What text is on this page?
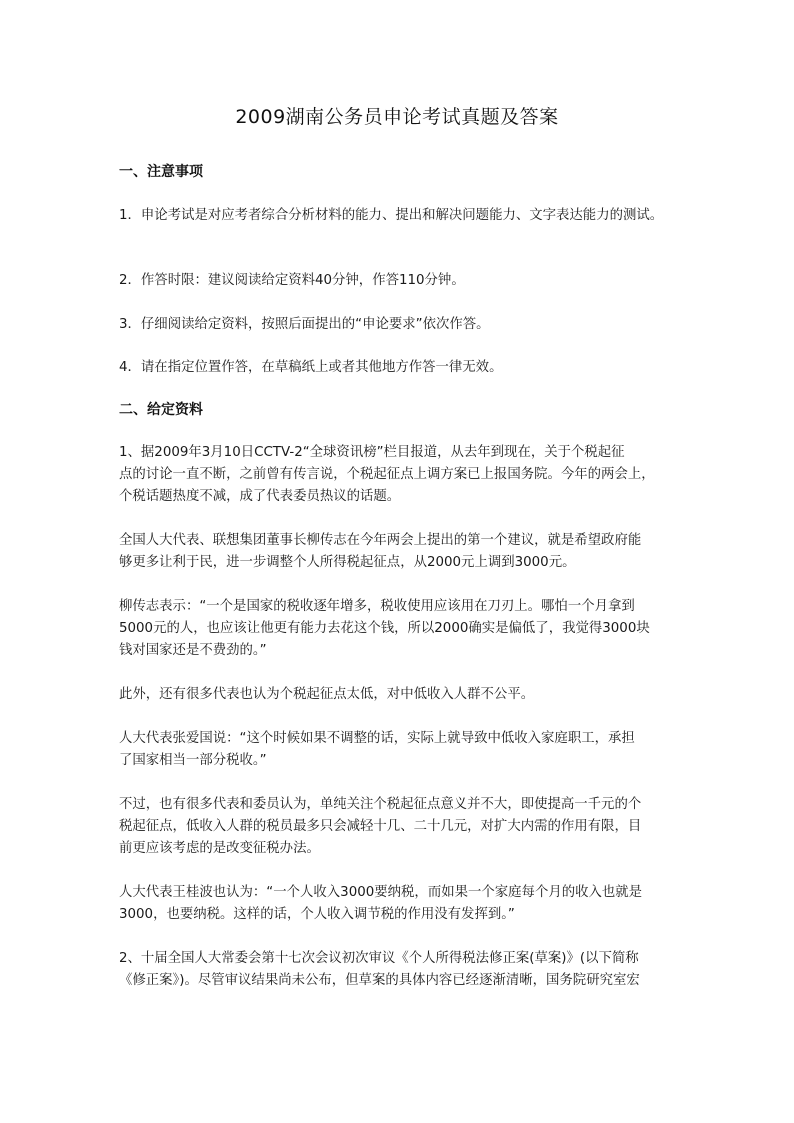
2009湖南公务员申论考试真题及答案
一、注意事项
1．申论考试是对应考者综合分析材料的能力、提出和解决问题能力、文字表达能力的测试。
2．作答时限：建议阅读给定资料40分钟，作答110分钟。
3．仔细阅读给定资料，按照后面提出的“申论要求”依次作答。
4．请在指定位置作答，在草稿纸上或者其他地方作答一律无效。
二、给定资料
1、据2009年3月10日CCTV-2“全球资讯榜”栏目报道，从去年到现在，关于个税起征
点的讨论一直不断，之前曾有传言说，个税起征点上调方案已上报国务院。今年的两会上，
个税话题热度不减，成了代表委员热议的话题。
全国人大代表、联想集团董事长柳传志在今年两会上提出的第一个建议，就是希望政府能
够更多让利于民，进一步调整个人所得税起征点，从2000元上调到3000元。
柳传志表示：“一个是国家的税收逐年增多，税收使用应该用在刀刃上。哪怕一个月拿到
5000元的人，也应该让他更有能力去花这个钱，所以2000确实是偏低了，我觉得3000块
钱对国家还是不费劲的。”
此外，还有很多代表也认为个税起征点太低，对中低收入人群不公平。
人大代表张爱国说：“这个时候如果不调整的话，实际上就导致中低收入家庭职工，承担
了国家相当一部分税收。”
不过，也有很多代表和委员认为，单纯关注个税起征点意义并不大，即使提高一千元的个
税起征点，低收入人群的税员最多只会减轻十几、二十几元，对扩大内需的作用有限，目
前更应该考虑的是改变征税办法。
人大代表王桂波也认为：“一个人收入3000要纳税，而如果一个家庭每个月的收入也就是
3000，也要纳税。这样的话，个人收入调节税的作用没有发挥到。”
2、十届全国人大常委会第十七次会议初次审议《个人所得税法修正案(草案)》(以下简称
《修正案》)。尽管审议结果尚未公布，但草案的具体内容已经逐渐清晰，国务院研究室宏
